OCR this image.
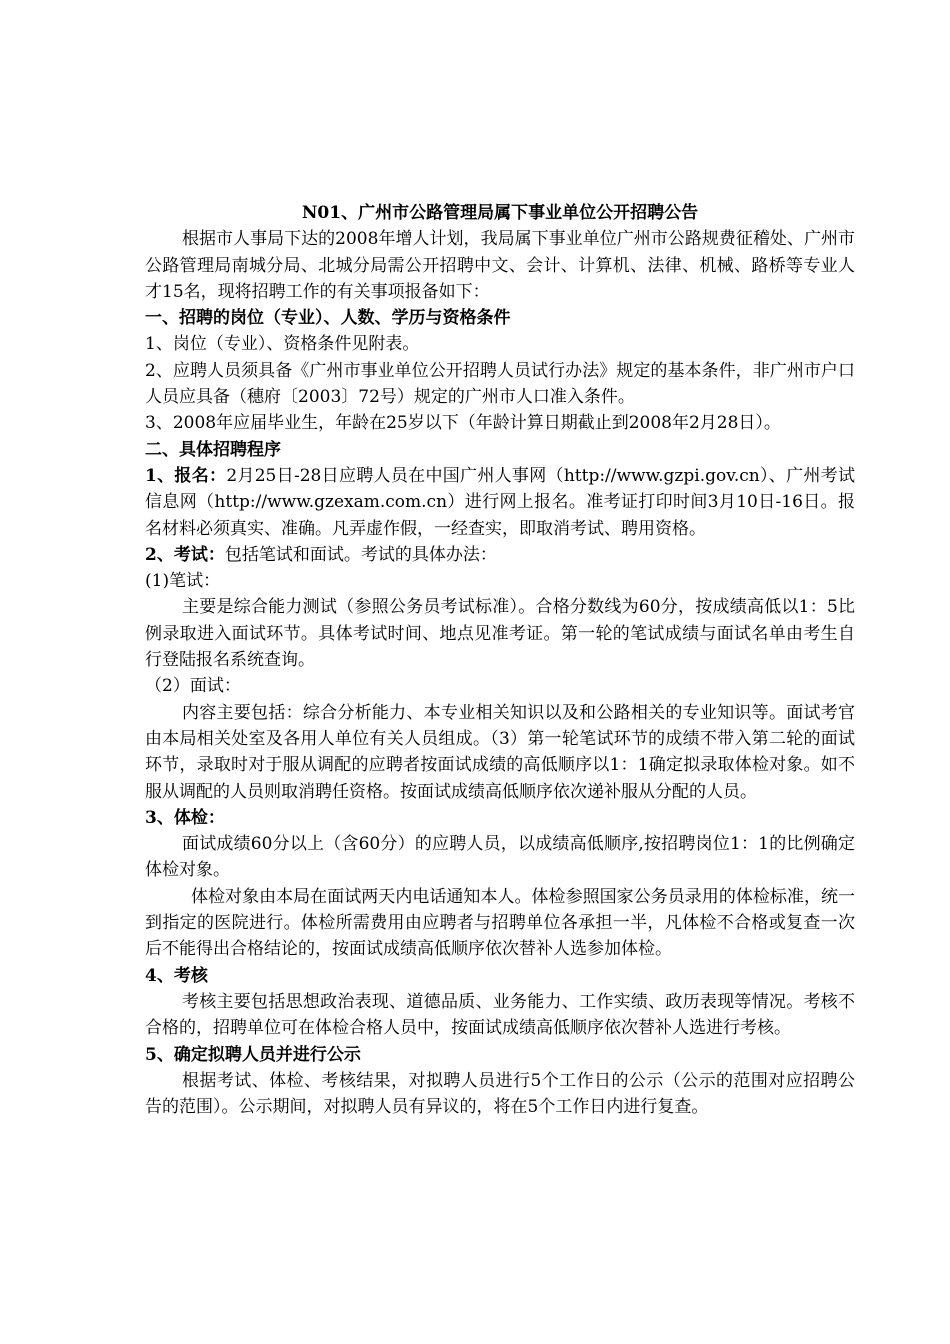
N01、广州市公路管理局属下事业单位公开招聘公告

根据市人事局下达的2008年增人计划，我局属下事业单位广州市公路规费征稽处、广州市公路管理局南城分局、北城分局需公开招聘中文、会计、计算机、法律、机械、路桥等专业人才15名，现将招聘工作的有关事项报备如下：

一、招聘的岗位（专业）、人数、学历与资格条件

1、岗位（专业）、资格条件见附表。

2、应聘人员须具备《广州市事业单位公开招聘人员试行办法》规定的基本条件，非广州市户口人员应具备（穗府〔2003〕72号）规定的广州市人口准入条件。

3、2008年应届毕业生，年龄在25岁以下（年龄计算日期截止到2008年2月28日）。

二、具体招聘程序

1、报名：2月25日-28日应聘人员在中国广州人事网（http://www.gzpi.gov.cn）、广州考试信息网（http://www.gzexam.com.cn）进行网上报名。准考证打印时间3月10日-16日。报名材料必须真实、准确。凡弄虚作假，一经查实，即取消考试、聘用资格。

2、考试：包括笔试和面试。考试的具体办法：

(1)笔试：

主要是综合能力测试（参照公务员考试标准）。合格分数线为60分，按成绩高低以1：5比例录取进入面试环节。具体考试时间、地点见准考证。第一轮的笔试成绩与面试名单由考生自行登陆报名系统查询。

（2）面试：

内容主要包括：综合分析能力、本专业相关知识以及和公路相关的专业知识等。面试考官由本局相关处室及各用人单位有关人员组成。（3）第一轮笔试环节的成绩不带入第二轮的面试环节，录取时对于服从调配的应聘者按面试成绩的高低顺序以1：1确定拟录取体检对象。如不服从调配的人员则取消聘任资格。按面试成绩高低顺序依次递补服从分配的人员。

3、体检：

面试成绩60分以上（含60分）的应聘人员，以成绩高低顺序,按招聘岗位1：1的比例确定体检对象。

体检对象由本局在面试两天内电话通知本人。体检参照国家公务员录用的体检标准，统一到指定的医院进行。体检所需费用由应聘者与招聘单位各承担一半，凡体检不合格或复查一次后不能得出合格结论的，按面试成绩高低顺序依次替补人选参加体检。

4、考核

考核主要包括思想政治表现、道德品质、业务能力、工作实绩、政历表现等情况。考核不合格的，招聘单位可在体检合格人员中，按面试成绩高低顺序依次替补人选进行考核。

5、确定拟聘人员并进行公示

根据考试、体检、考核结果，对拟聘人员进行5个工作日的公示（公示的范围对应招聘公告的范围）。公示期间，对拟聘人员有异议的，将在5个工作日内进行复查。
